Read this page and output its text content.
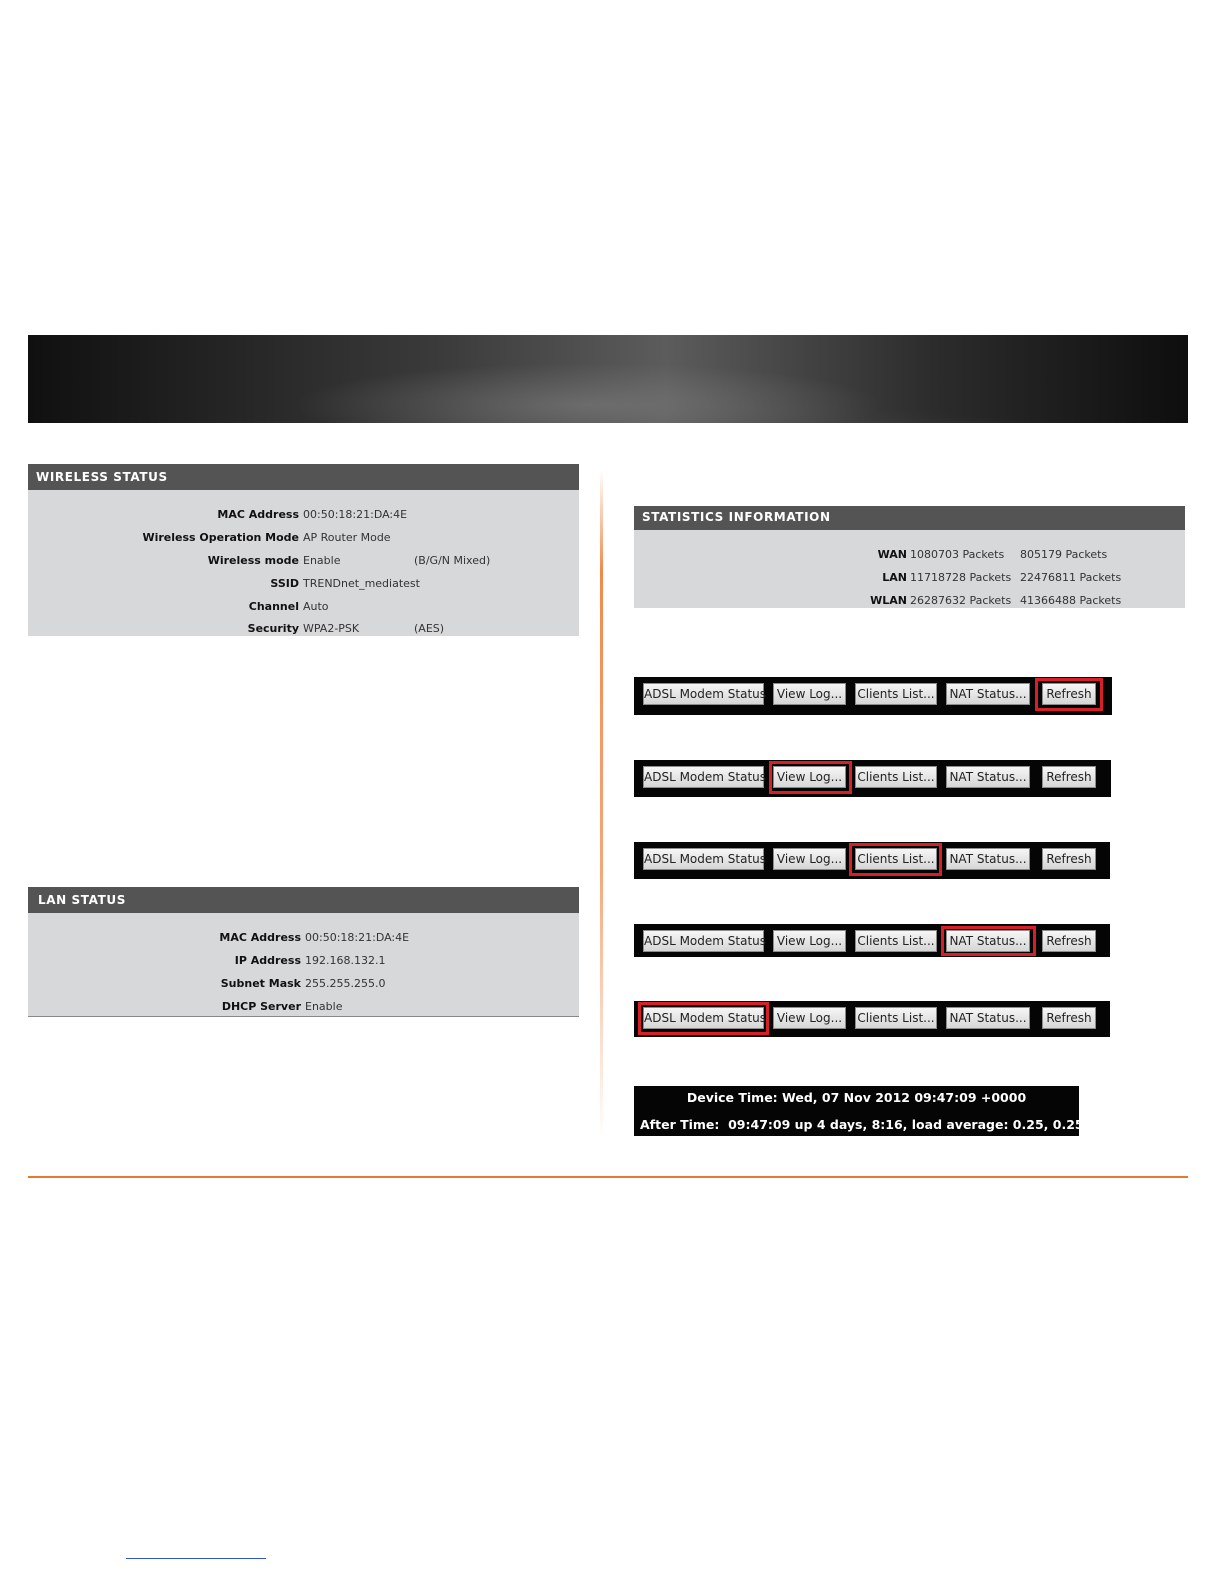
WIRELESS STATUS
MAC Address 00:50:18:21:DA:4E
Wireless Operation Mode AP Router Mode
Wireless mode Enable	(B/G/N Mixed)
SSID TRENDnet_mediatest
Channel Auto
Security WPA2-PSK	(AES)
LAN STATUS
MAC Address 00:50:18:21:DA:4E
IP Address 192.168.132.1
Subnet Mask 255.255.255.0
DHCP Server Enable
STATISTICS INFORMATION
WAN 1080703 Packets 805179 Packets
LAN 11718728 Packets 22476811 Packets
WLAN 26287632 Packets 41366488 Packets
ADSL Modem Status View Log...	Clients List... NAT Status...	Refresh
ADSL Modem Status View Log...	Clients List... NAT Status...	Refresh
ADSL Modem Status View Log...	Clients List... NAT Status...	Refresh
ADSL Modem Status View Log...	Clients List... NAT Status...	Refresh
ADSL Modem Status View Log...	Clients List... NAT Status...	Refresh
Device Time: Wed, 07 Nov 2012 09:47:09 +0000
After Time:  09:47:09 up 4 days, 8:16, load average: 0.25, 0.25, 0.22
